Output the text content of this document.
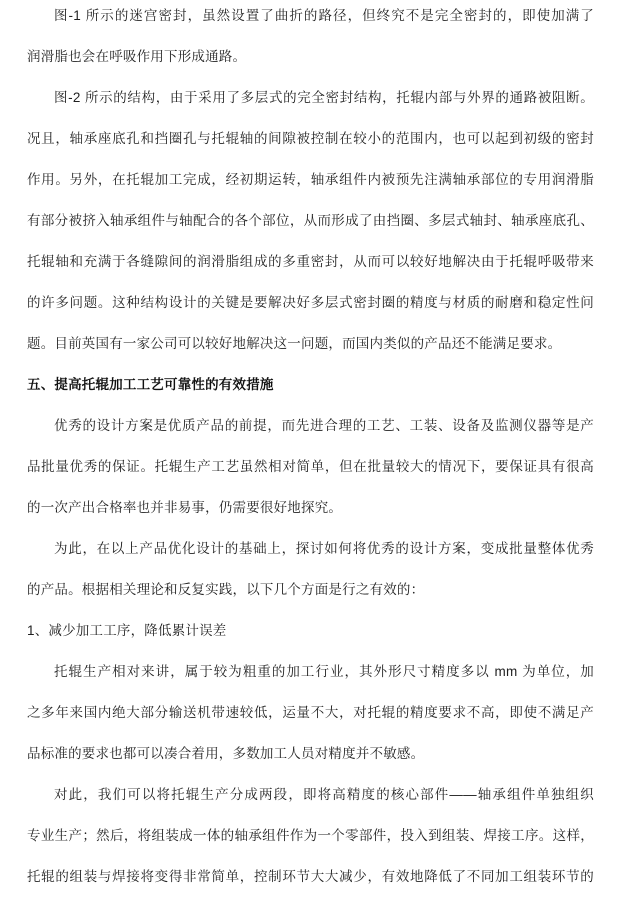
图-1 所示的迷宫密封，虽然设置了曲折的路径，但终究不是完全密封的，即使加满了
润滑脂也会在呼吸作用下形成通路。
图-2 所示的结构，由于采用了多层式的完全密封结构，托辊内部与外界的通路被阻断。
况且，轴承座底孔和挡圈孔与托辊轴的间隙被控制在较小的范围内，也可以起到初级的密封
作用。另外，在托辊加工完成，经初期运转，轴承组件内被预先注满轴承部位的专用润滑脂
有部分被挤入轴承组件与轴配合的各个部位，从而形成了由挡圈、多层式轴封、轴承座底孔、
托辊轴和充满于各缝隙间的润滑脂组成的多重密封，从而可以较好地解决由于托辊呼吸带来
的许多问题。这种结构设计的关键是要解决好多层式密封圈的精度与材质的耐磨和稳定性问
题。目前英国有一家公司可以较好地解决这一问题，而国内类似的产品还不能满足要求。
五、提高托辊加工工艺可靠性的有效措施
优秀的设计方案是优质产品的前提，而先进合理的工艺、工装、设备及监测仪器等是产
品批量优秀的保证。托辊生产工艺虽然相对简单，但在批量较大的情况下，要保证具有很高
的一次产出合格率也并非易事，仍需要很好地探究。
为此，在以上产品优化设计的基础上，探讨如何将优秀的设计方案，变成批量整体优秀
的产品。根据相关理论和反复实践，以下几个方面是行之有效的：
1、减少加工工序，降低累计误差
托辊生产相对来讲，属于较为粗重的加工行业，其外形尺寸精度多以 mm 为单位，加
之多年来国内绝大部分输送机带速较低，运量不大，对托辊的精度要求不高，即使不满足产
品标准的要求也都可以凑合着用，多数加工人员对精度并不敏感。
对此，我们可以将托辊生产分成两段，即将高精度的核心部件——轴承组件单独组织
专业生产；然后，将组装成一体的轴承组件作为一个零部件，投入到组装、焊接工序。这样，
托辊的组装与焊接将变得非常简单，控制环节大大减少，有效地降低了不同加工组装环节的
